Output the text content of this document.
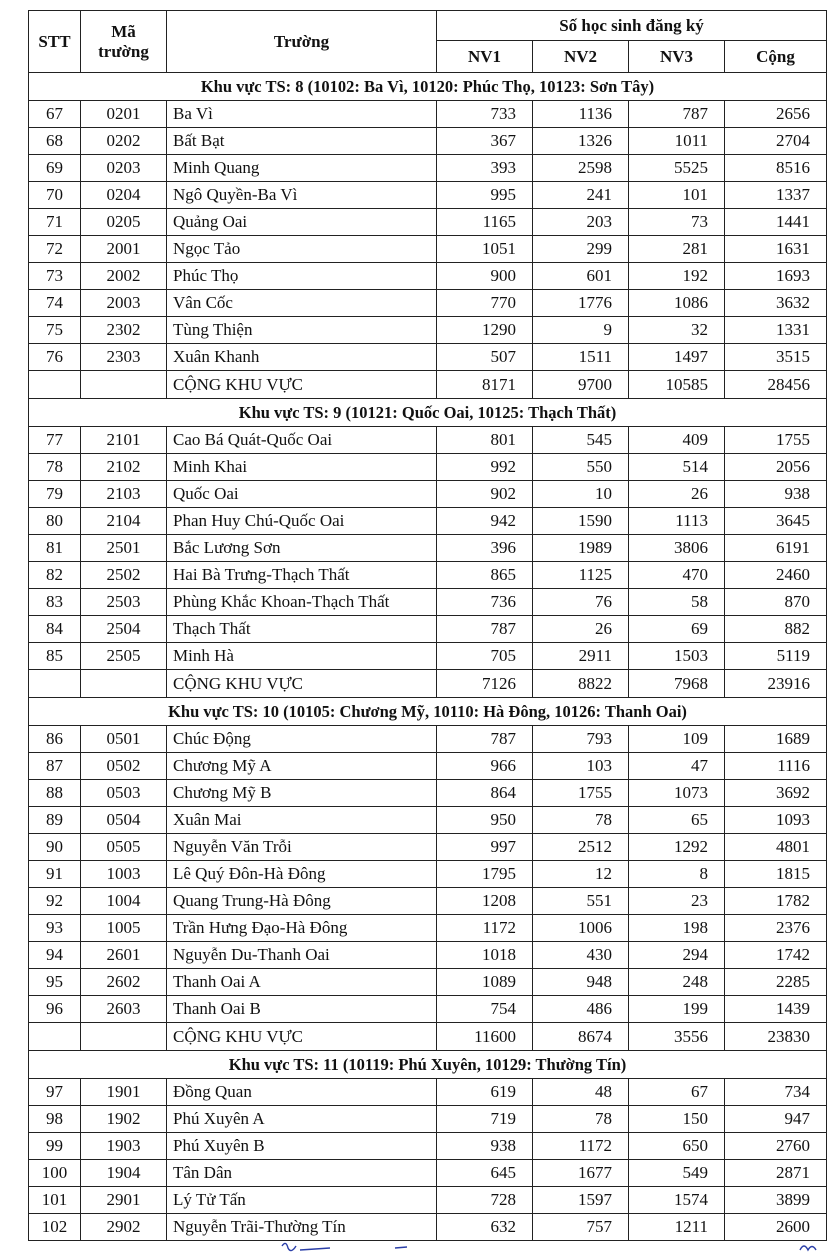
STT	Mã trường	Trường	Số học sinh đăng ký			
			NV1	NV2	NV3	Cộng
Khu vực TS: 8 (10102: Ba Vì, 10120: Phúc Thọ, 10123: Sơn Tây)						
67	0201	Ba Vì	733	1136	787	2656
68	0202	Bất Bạt	367	1326	1011	2704
69	0203	Minh Quang	393	2598	5525	8516
70	0204	Ngô Quyền-Ba Vì	995	241	101	1337
71	0205	Quảng Oai	1165	203	73	1441
72	2001	Ngọc Tảo	1051	299	281	1631
73	2002	Phúc Thọ	900	601	192	1693
74	2003	Vân Cốc	770	1776	1086	3632
75	2302	Tùng Thiện	1290	9	32	1331
76	2303	Xuân Khanh	507	1511	1497	3515
		CỘNG KHU VỰC	8171	9700	10585	28456
Khu vực TS: 9 (10121: Quốc Oai, 10125: Thạch Thất)						
77	2101	Cao Bá Quát-Quốc Oai	801	545	409	1755
78	2102	Minh Khai	992	550	514	2056
79	2103	Quốc Oai	902	10	26	938
80	2104	Phan Huy Chú-Quốc Oai	942	1590	1113	3645
81	2501	Bắc Lương Sơn	396	1989	3806	6191
82	2502	Hai Bà Trưng-Thạch Thất	865	1125	470	2460
83	2503	Phùng Khắc Khoan-Thạch Thất	736	76	58	870
84	2504	Thạch Thất	787	26	69	882
85	2505	Minh Hà	705	2911	1503	5119
		CỘNG KHU VỰC	7126	8822	7968	23916
Khu vực TS: 10 (10105: Chương Mỹ, 10110: Hà Đông, 10126: Thanh Oai)						
86	0501	Chúc Động	787	793	109	1689
87	0502	Chương Mỹ A	966	103	47	1116
88	0503	Chương Mỹ B	864	1755	1073	3692
89	0504	Xuân Mai	950	78	65	1093
90	0505	Nguyễn Văn Trỗi	997	2512	1292	4801
91	1003	Lê Quý Đôn-Hà Đông	1795	12	8	1815
92	1004	Quang Trung-Hà Đông	1208	551	23	1782
93	1005	Trần Hưng Đạo-Hà Đông	1172	1006	198	2376
94	2601	Nguyễn Du-Thanh Oai	1018	430	294	1742
95	2602	Thanh Oai A	1089	948	248	2285
96	2603	Thanh Oai B	754	486	199	1439
		CỘNG KHU VỰC	11600	8674	3556	23830
Khu vực TS: 11 (10119: Phú Xuyên, 10129: Thường Tín)						
97	1901	Đồng Quan	619	48	67	734
98	1902	Phú Xuyên A	719	78	150	947
99	1903	Phú Xuyên B	938	1172	650	2760
100	1904	Tân Dân	645	1677	549	2871
101	2901	Lý Tử Tấn	728	1597	1574	3899
102	2902	Nguyễn Trãi-Thường Tín	632	757	1211	2600
